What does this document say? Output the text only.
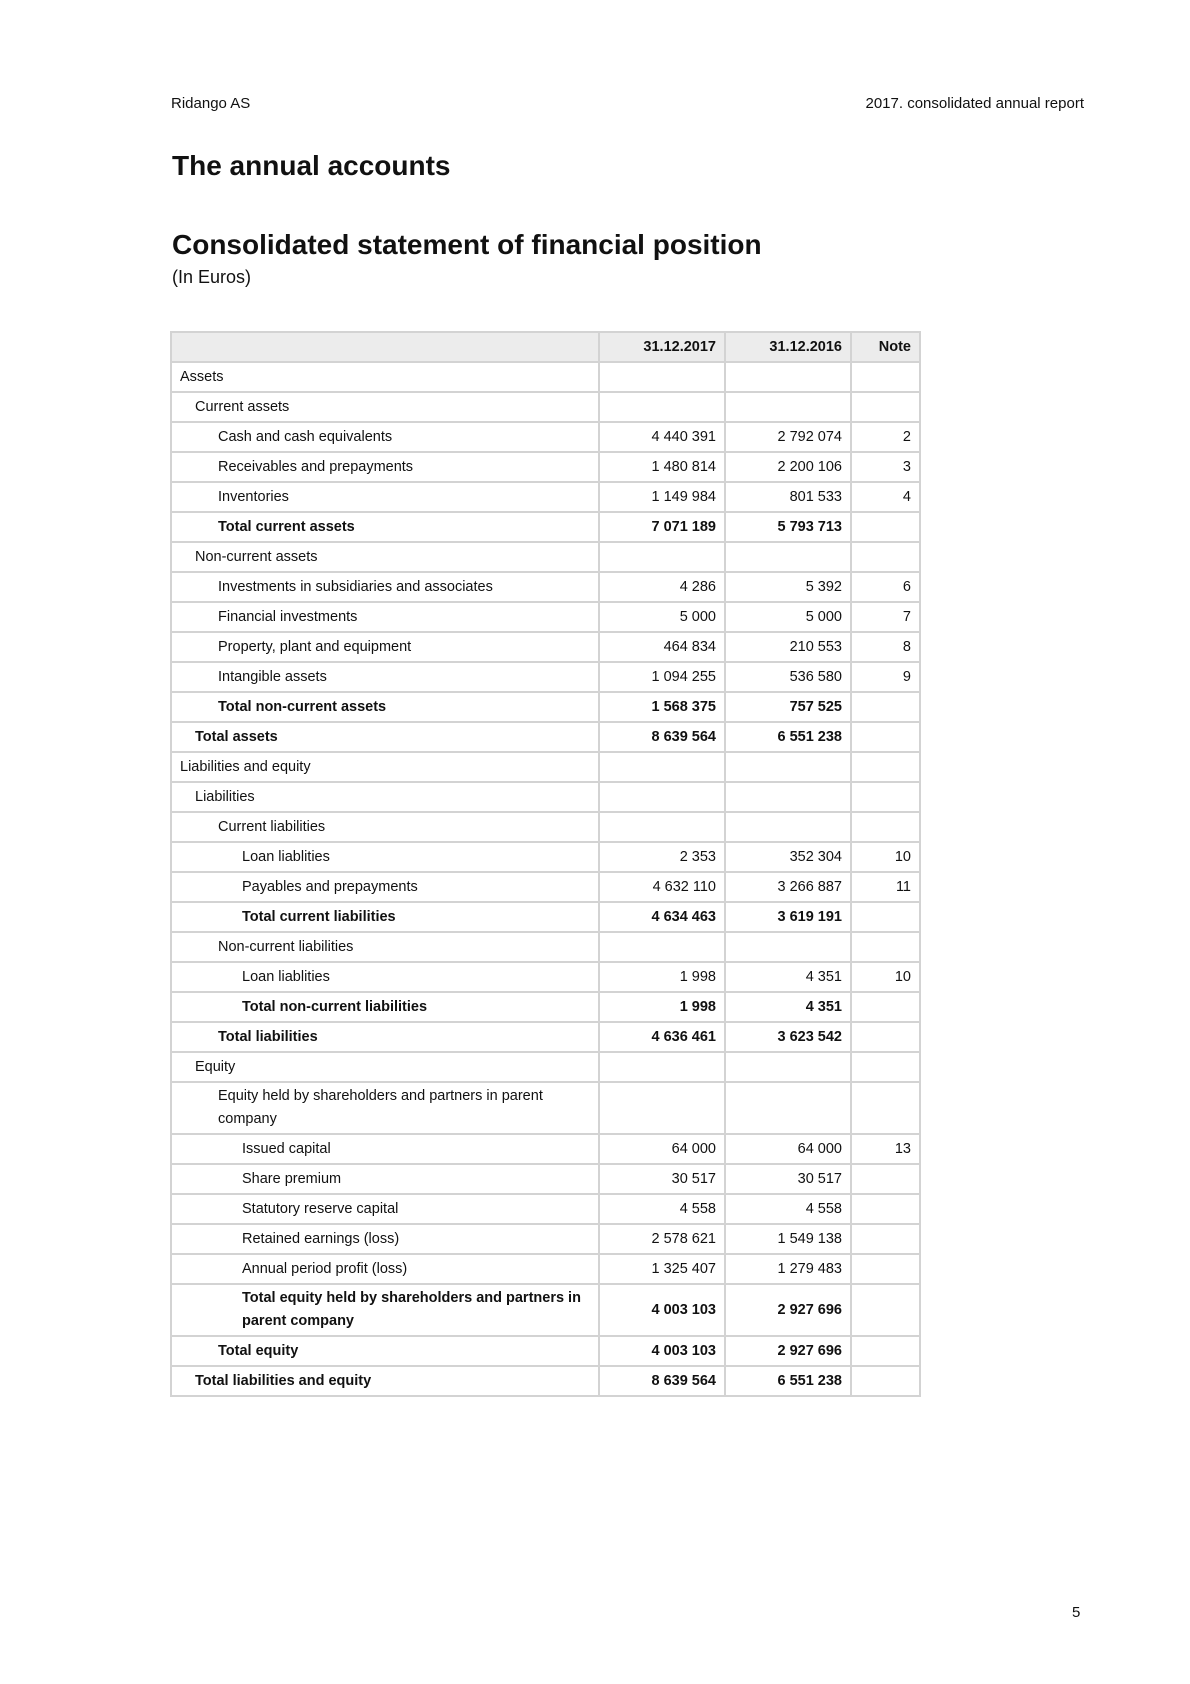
Ridango AS	2017. consolidated annual report
The annual accounts
Consolidated statement of financial position
(In Euros)
	31.12.2017	31.12.2016	Note
Assets			
Current assets			
Cash and cash equivalents	4 440 391	2 792 074	2
Receivables and prepayments	1 480 814	2 200 106	3
Inventories	1 149 984	801 533	4
Total current assets	7 071 189	5 793 713	
Non-current assets			
Investments in subsidiaries and associates	4 286	5 392	6
Financial investments	5 000	5 000	7
Property, plant and equipment	464 834	210 553	8
Intangible assets	1 094 255	536 580	9
Total non-current assets	1 568 375	757 525	
Total assets	8 639 564	6 551 238	
Liabilities and equity			
Liabilities			
Current liabilities			
Loan liablities	2 353	352 304	10
Payables and prepayments	4 632 110	3 266 887	11
Total current liabilities	4 634 463	3 619 191	
Non-current liabilities			
Loan liablities	1 998	4 351	10
Total non-current liabilities	1 998	4 351	
Total liabilities	4 636 461	3 623 542	
Equity			
Equity held by shareholders and partners in parent company			
Issued capital	64 000	64 000	13
Share premium	30 517	30 517	
Statutory reserve capital	4 558	4 558	
Retained earnings (loss)	2 578 621	1 549 138	
Annual period profit (loss)	1 325 407	1 279 483	
Total equity held by shareholders and partners in parent company	4 003 103	2 927 696	
Total equity	4 003 103	2 927 696	
Total liabilities and equity	8 639 564	6 551 238	
5
